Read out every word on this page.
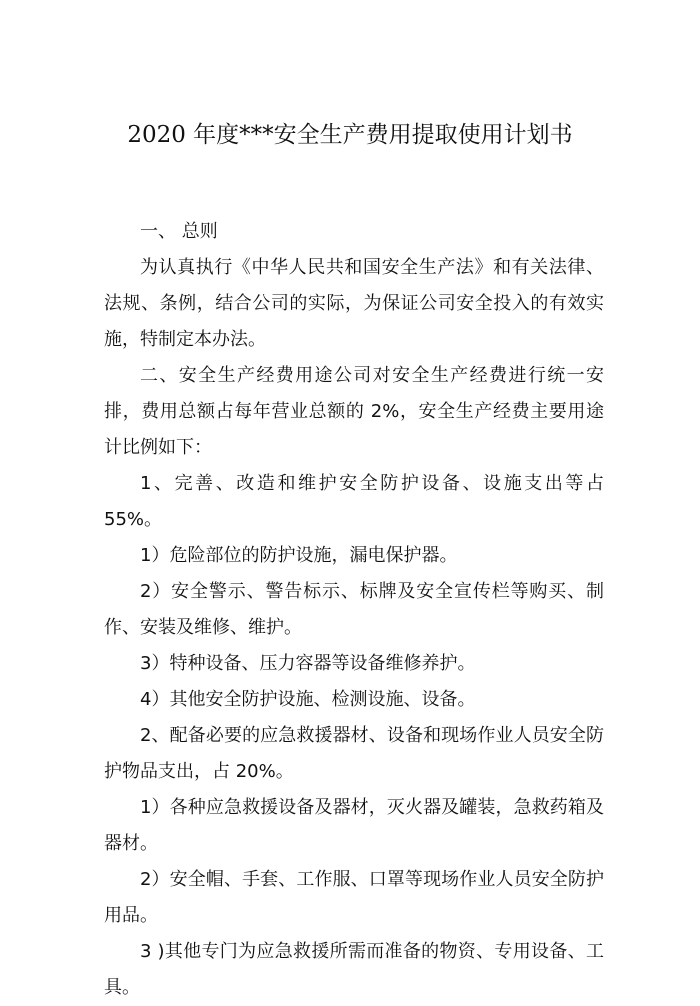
2020 年度***安全生产费用提取使用计划书

一、 总则

为认真执行《中华人民共和国安全生产法》和有关法律、法规、条例，结合公司的实际，为保证公司安全投入的有效实施，特制定本办法。

二、安全生产经费用途公司对安全生产经费进行统一安排，费用总额占每年营业总额的 2%，安全生产经费主要用途计比例如下：

1、完善、改造和维护安全防护设备、设施支出等占 55%。

1）危险部位的防护设施，漏电保护器。

2）安全警示、警告标示、标牌及安全宣传栏等购买、制作、安装及维修、维护。

3）特种设备、压力容器等设备维修养护。

4）其他安全防护设施、检测设施、设备。

2、配备必要的应急救援器材、设备和现场作业人员安全防护物品支出，占 20%。

1）各种应急救援设备及器材，灭火器及罐装，急救药箱及器材。

2）安全帽、手套、工作服、口罩等现场作业人员安全防护用品。

3 )其他专门为应急救援所需而准备的物资、专用设备、工具。
